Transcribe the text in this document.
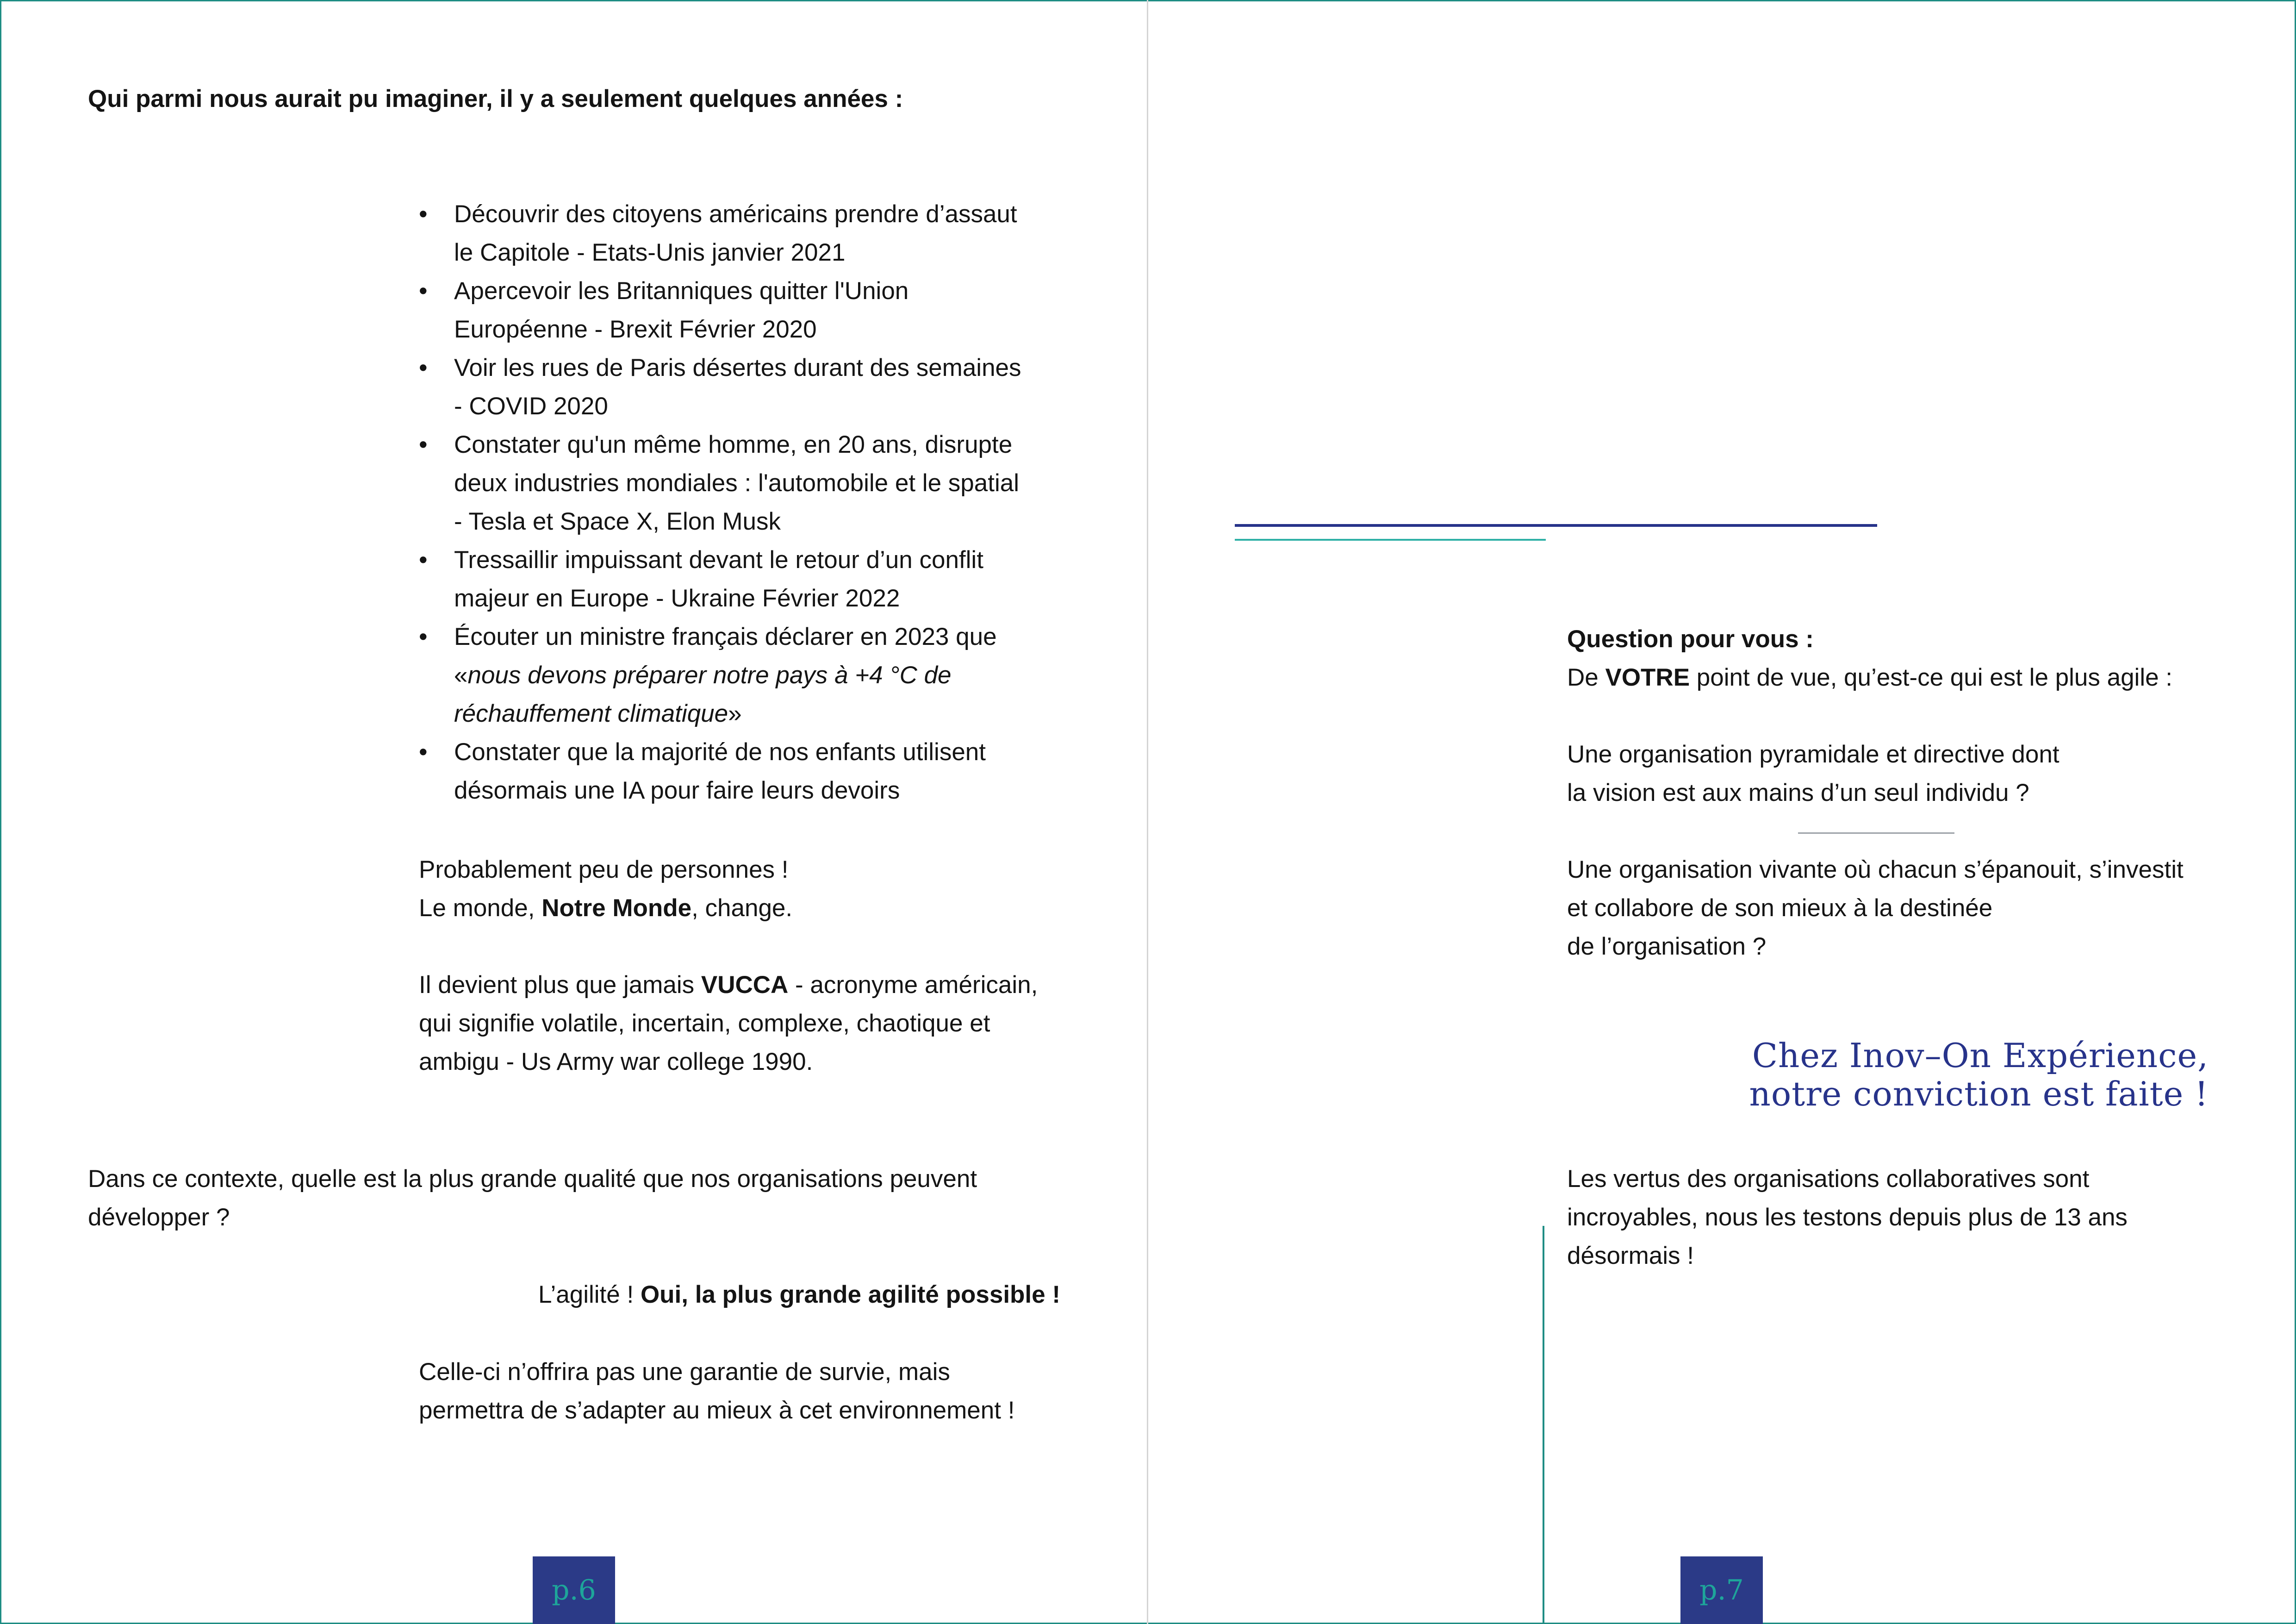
Qui parmi nous aurait pu imaginer, il y a seulement quelques années :

• Découvrir des citoyens américains prendre d’assaut
le Capitole - Etats-Unis janvier 2021
• Apercevoir les Britanniques quitter l'Union
Européenne - Brexit Février 2020
• Voir les rues de Paris désertes durant des semaines
- COVID 2020
• Constater qu'un même homme, en 20 ans, disrupte
deux industries mondiales : l'automobile et le spatial
- Tesla et Space X, Elon Musk
• Tressaillir impuissant devant le retour d’un conflit
majeur en Europe - Ukraine Février 2022
• Écouter un ministre français déclarer en 2023 que
«nous devons préparer notre pays à +4 °C de
réchauffement climatique»
• Constater que la majorité de nos enfants utilisent
désormais une IA pour faire leurs devoirs

Probablement peu de personnes !

Le monde, Notre Monde, change.

Il devient plus que jamais VUCCA - acronyme américain,

qui signifie volatile, incertain, complexe, chaotique et

ambigu - Us Army war college 1990.

Dans ce contexte, quelle est la plus grande qualité que nos organisations peuvent

développer ?

L’agilité ! Oui, la plus grande agilité possible !

Celle-ci n’offrira pas une garantie de survie, mais

permettra de s’adapter au mieux à cet environnement !

p.6

Question pour vous :

De VOTRE point de vue, qu’est-ce qui est le plus agile :

Une organisation pyramidale et directive dont

la vision est aux mains d’un seul individu ?

Une organisation vivante où chacun s’épanouit, s’investit

et collabore de son mieux à la destinée

de l’organisation ?

Chez Inov–On Expérience,
notre conviction est faite !

Les vertus des organisations collaboratives sont

incroyables, nous les testons depuis plus de 13 ans

désormais !

p.7
